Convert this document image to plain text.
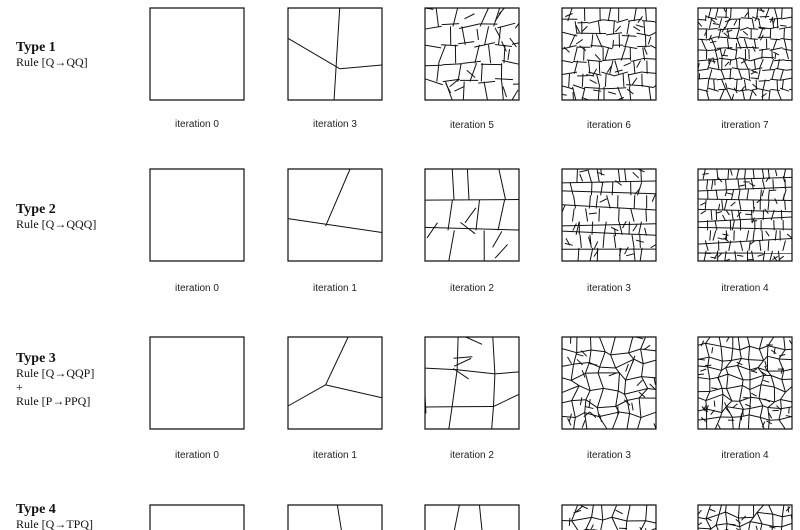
Type 1
Rule [Q→QQ]
Type 2
Rule [Q→QQQ]
Type 3
Rule [Q→QQP]
+
Rule [P→PPQ]
Type 4
Rule [Q→TPQ]
iteration 0	iteration 3	iteration 5	iteration 6	itreration 7
iteration 0	iteration 1	iteration 2	iteration 3	itreration 4
iteration 0	iteration 1	iteration 2	iteration 3	itreration 4
